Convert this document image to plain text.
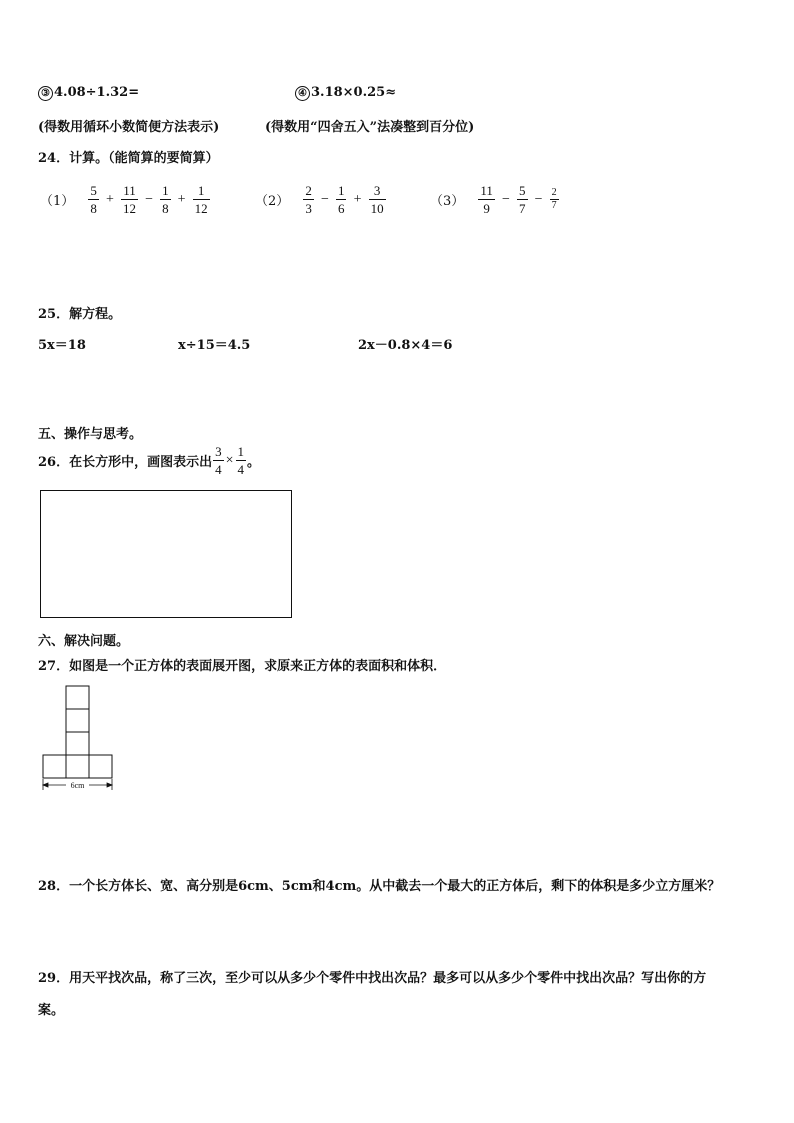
③ 4.08÷1.32=	④ 3.18×0.25≈
(得数用循环小数简便方法表示)	(得数用“四舍五入”法凑整到百分位)
24．计算。（能简算的要简算）
$(1) \frac{5}{8} + \frac{11}{12} - \frac{1}{8} + \frac{1}{12}$	$(2) \frac{2}{3} - \frac{1}{6} + \frac{3}{10}$	$(3) \frac{11}{9} - \frac{5}{7} - \frac{2}{7}$
25．解方程。
5x＝18	x÷15＝4.5	2x－0.8×4＝6
五、操作与思考。
26．在长方形中，画图表示出 $\frac{3}{4} \times \frac{1}{4}$ 。
六、解决问题。
27．如图是一个正方体的表面展开图，求原来正方体的表面积和体积．
6cm
28．一个长方体长、宽、高分别是6cm、5cm和4cm。从中截去一个最大的正方体后，剩下的体积是多少立方厘米？
29．用天平找次品，称了三次，至少可以从多少个零件中找出次品？最多可以从多少个零件中找出次品？写出你的方
案。
